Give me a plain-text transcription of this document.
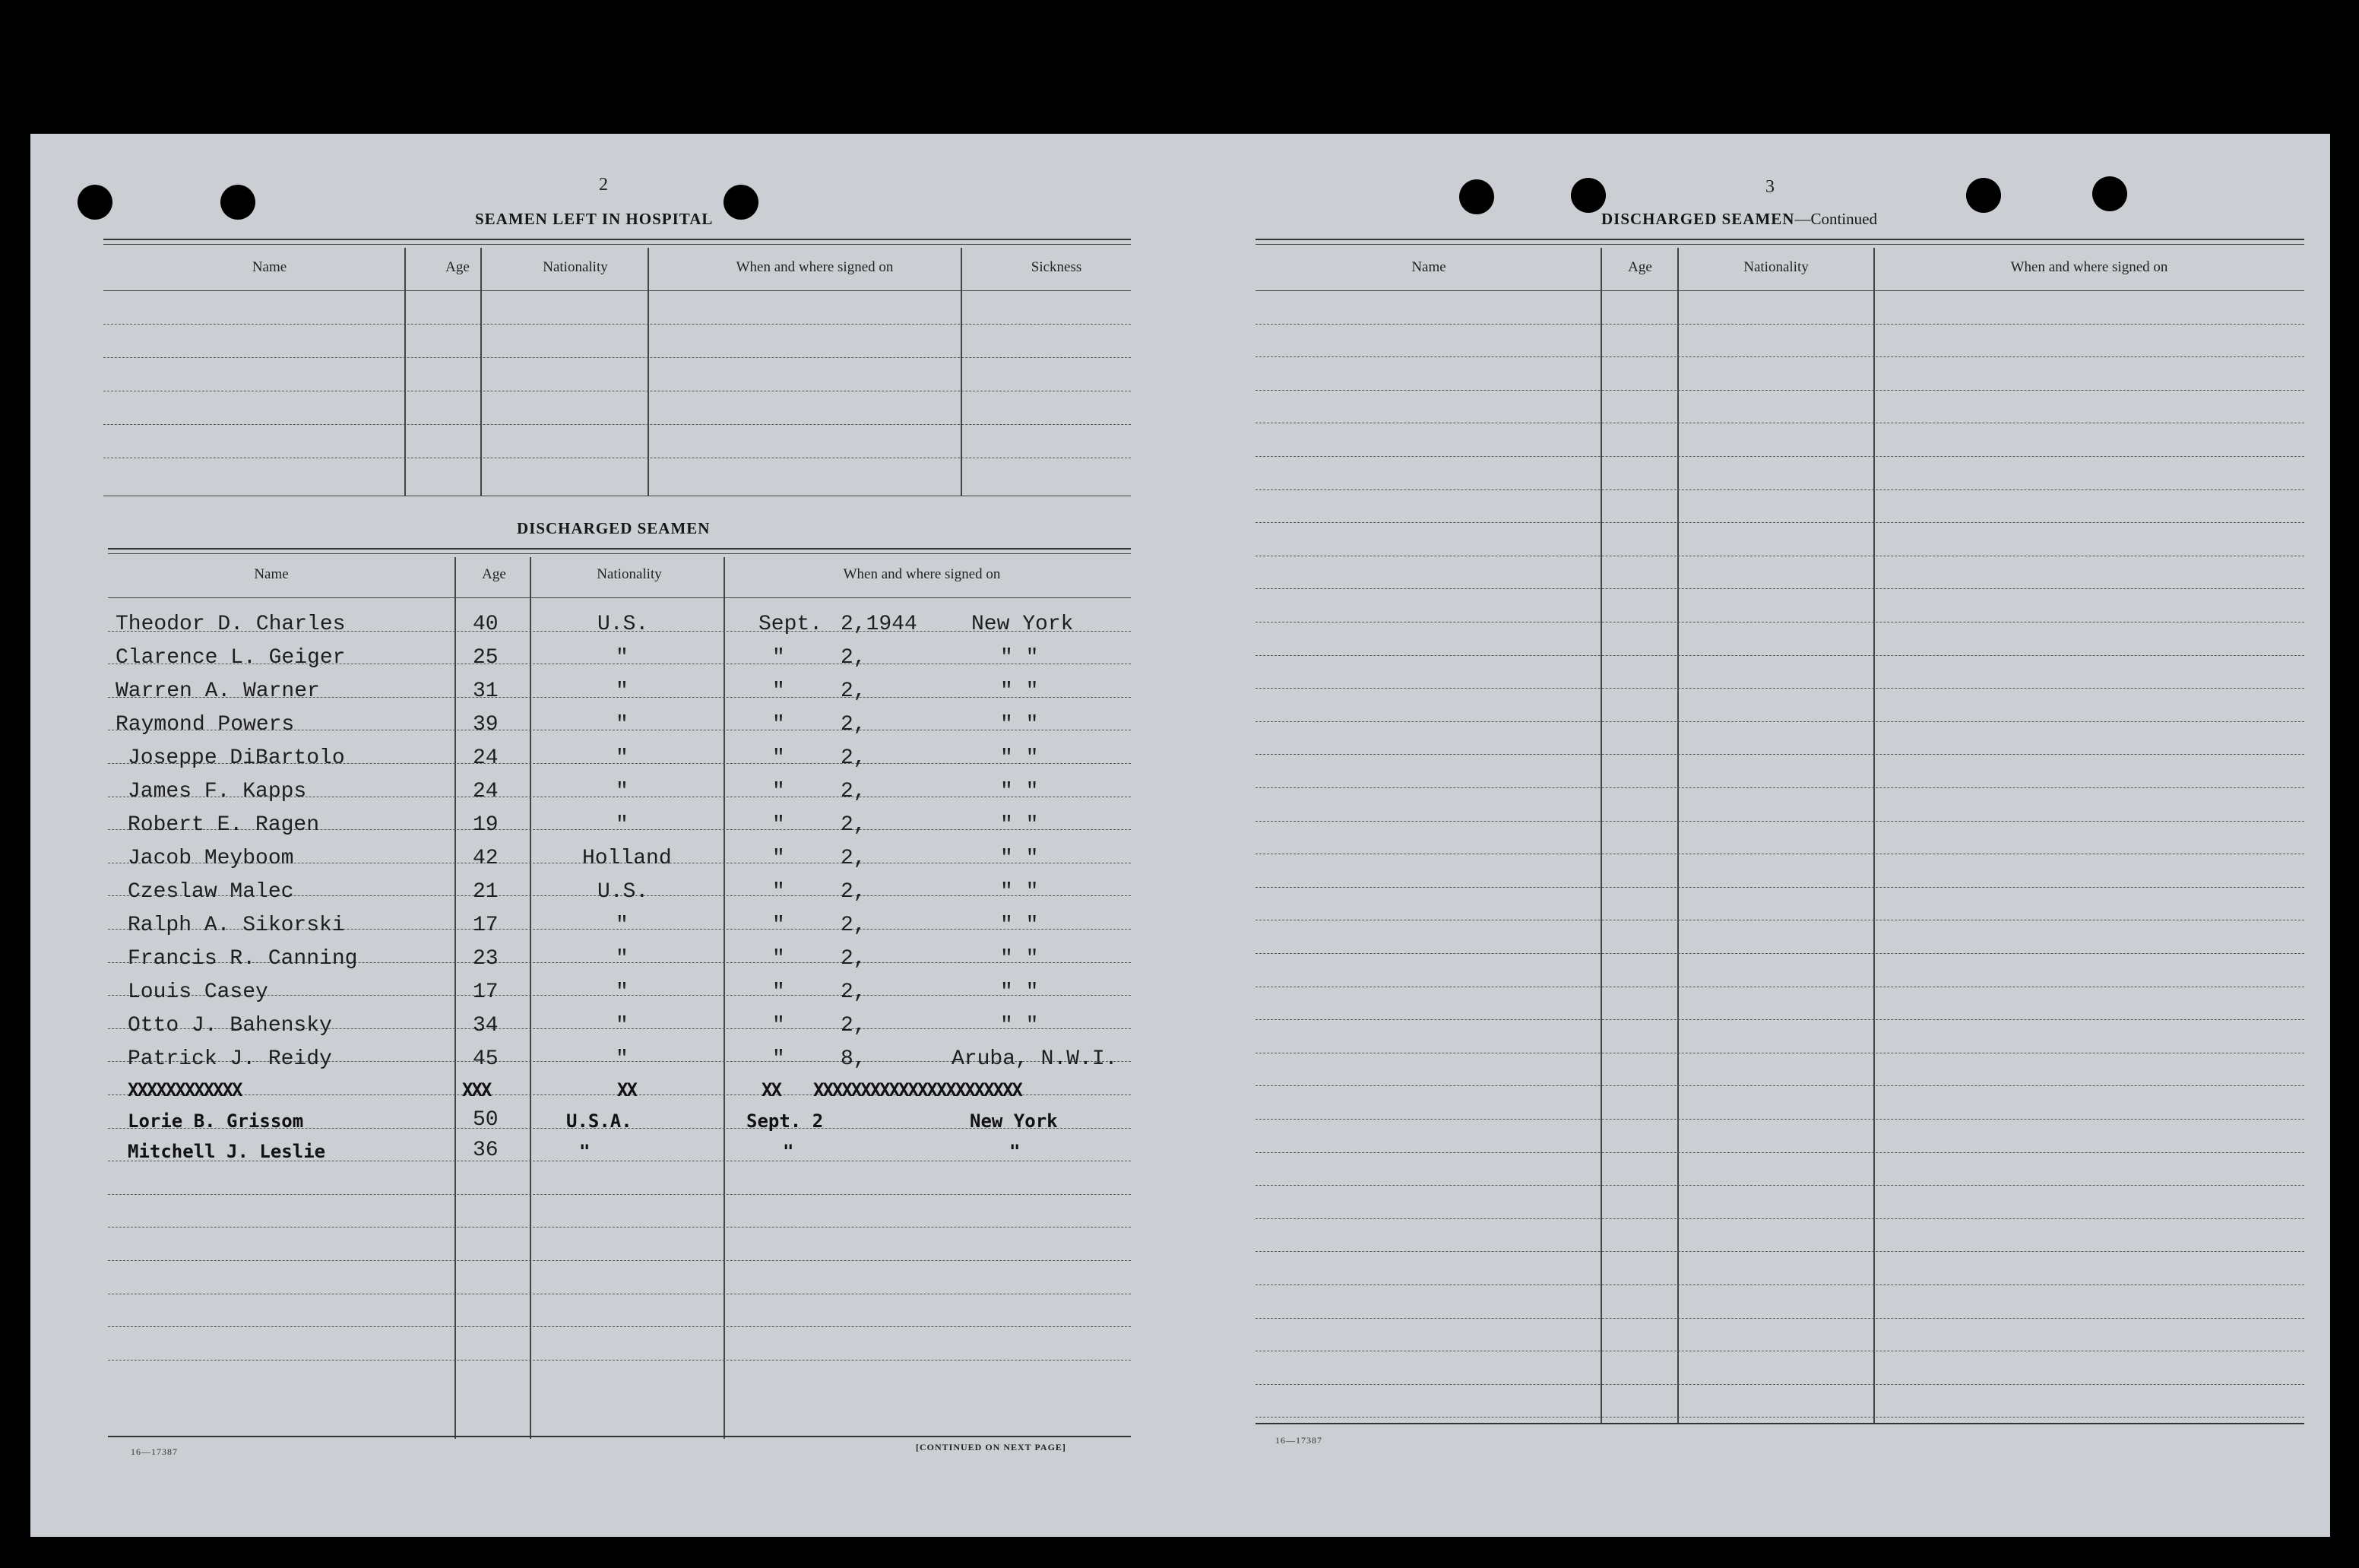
2
SEAMEN LEFT IN HOSPITAL
Name	Age	Nationality	When and where signed on	Sickness
DISCHARGED SEAMEN
Name	Age	Nationality	When and where signed on
Theodor D. Charles	40	U.S.	Sept. 2,1944	New York
Clarence L. Geiger	25	"	"	2,	" "
Warren A. Warner	31	"	"	2,	" "
Raymond Powers	39	"	"	2,	" "
Joseppe DiBartolo	24	"	"	2,	" "
James F. Kapps	24	"	"	2,	" "
Robert E. Ragen	19	"	"	2,	" "
Jacob Meyboom	42	Holland	"	2,	" "
Czeslaw Malec	21	U.S.	"	2,	" "
Ralph A. Sikorski	17	"	"	2,	" "
Francis R. Canning	23	"	"	2,	" "
Louis Casey	17	"	"	2,	" "
Otto J. Bahensky	34	"	"	2,	" "
Patrick J. Reidy	45	"	"	8,	Aruba, N.W.I.
XXXXXXXXXXXX	XXX	XX	XX XXXXXXXXXXXXXXXXXXXXXX
Lorie B. Grissom	50	U.S.A.	Sept. 2	New York
Mitchell J. Leslie	36	"	"	"
16—17387	[CONTINUED ON NEXT PAGE]
3
DISCHARGED SEAMEN—Continued
Name	Age	Nationality	When and where signed on
16—17387
